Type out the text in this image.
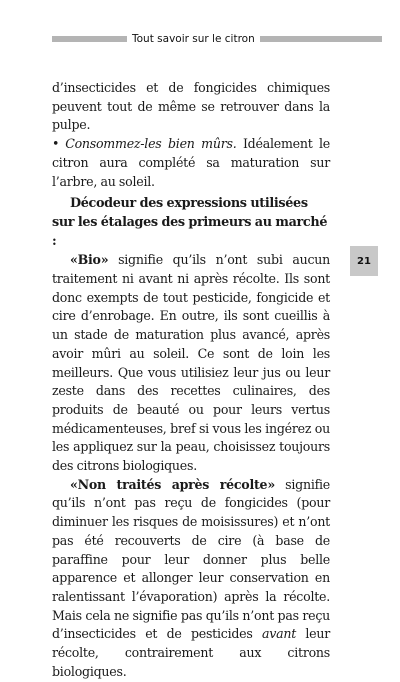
Tout savoir sur le citron
21

d’insecticides et de fongicides chimiques peuvent tout de même se retrouver dans la pulpe.

• Consommez-les bien mûrs. Idéalement le citron aura complété sa maturation sur l’arbre, au soleil.

Décodeur des expressions utilisées sur les étalages des primeurs au marché :

«Bio» signifie qu’ils n’ont subi aucun traitement ni avant ni après récolte. Ils sont donc exempts de tout pesticide, fongicide et cire d’enrobage. En outre, ils sont cueillis à un stade de maturation plus avancé, après avoir mûri au soleil. Ce sont de loin les meilleurs. Que vous utilisiez leur jus ou leur zeste dans des recettes culinaires, des produits de beauté ou pour leurs vertus médicamenteuses, bref si vous les ingérez ou les appliquez sur la peau, choisissez toujours des citrons biologiques.

«Non traités après récolte» signifie qu’ils n’ont pas reçu de fongicides (pour diminuer les risques de moisissures) et n’ont pas été recouverts de cire (à base de paraffine pour leur donner plus belle apparence et allonger leur conservation en ralentissant l’évaporation) après la récolte. Mais cela ne signifie pas qu’ils n’ont pas reçu d’insecticides et de pesticides avant leur récolte, contrairement aux citrons biologiques.
